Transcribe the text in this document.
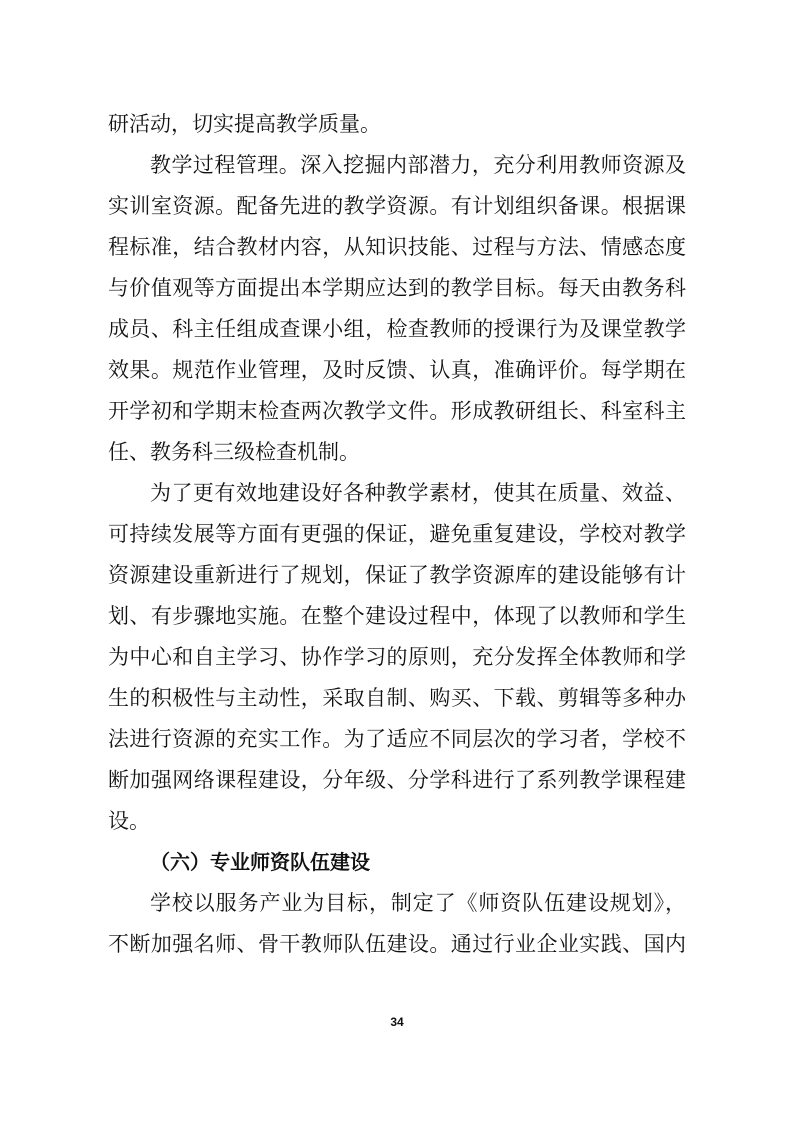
研活动，切实提高教学质量。
教学过程管理。深入挖掘内部潜力，充分利用教师资源及
实训室资源。配备先进的教学资源。有计划组织备课。根据课
程标准，结合教材内容，从知识技能、过程与方法、情感态度
与价值观等方面提出本学期应达到的教学目标。每天由教务科
成员、科主任组成查课小组，检查教师的授课行为及课堂教学
效果。规范作业管理，及时反馈、认真，准确评价。每学期在
开学初和学期末检查两次教学文件。形成教研组长、科室科主
任、教务科三级检查机制。
为了更有效地建设好各种教学素材，使其在质量、效益、
可持续发展等方面有更强的保证，避免重复建设，学校对教学
资源建设重新进行了规划，保证了教学资源库的建设能够有计
划、有步骤地实施。在整个建设过程中，体现了以教师和学生
为中心和自主学习、协作学习的原则，充分发挥全体教师和学
生的积极性与主动性，采取自制、购买、下载、剪辑等多种办
法进行资源的充实工作。为了适应不同层次的学习者，学校不
断加强网络课程建设，分年级、分学科进行了系列教学课程建
设。
（六）专业师资队伍建设
学校以服务产业为目标，制定了《师资队伍建设规划》，
不断加强名师、骨干教师队伍建设。通过行业企业实践、国内
34
